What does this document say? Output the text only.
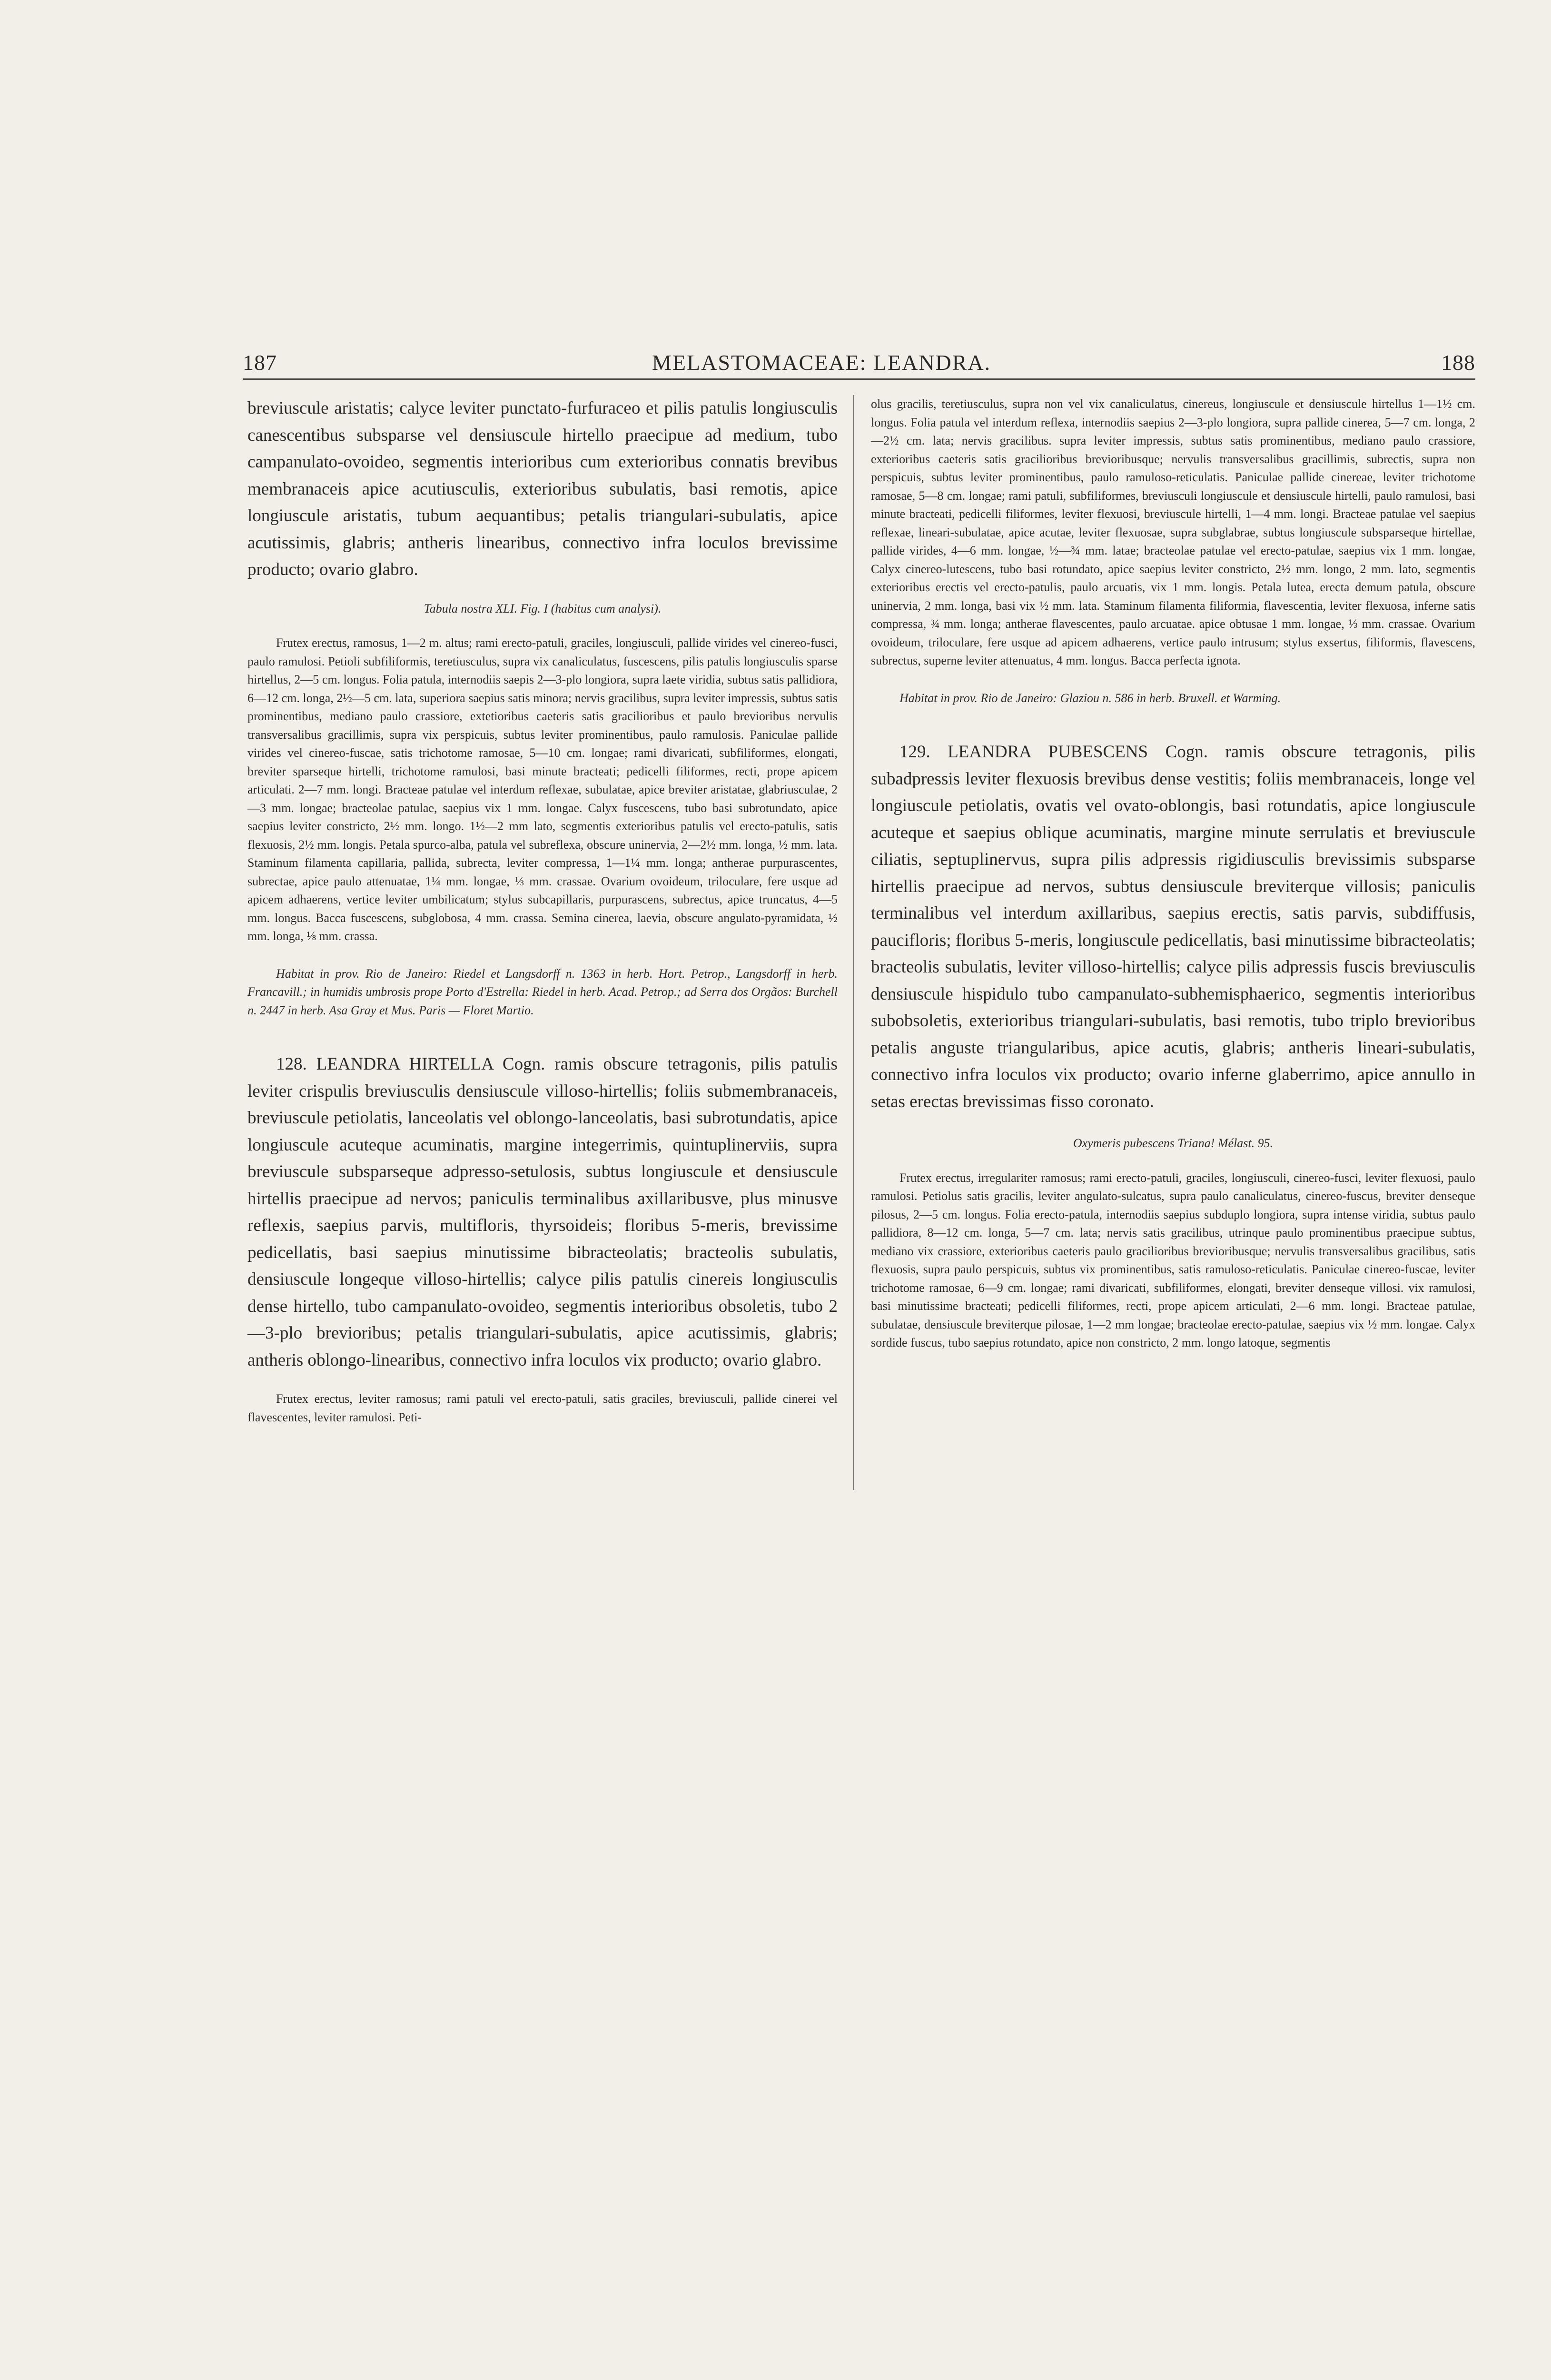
187	MELASTOMACEAE: LEANDRA.	188

breviuscule aristatis; calyce leviter punctato-furfuraceo et pilis patulis longiusculis canescentibus subsparse vel densiuscule hirtello praecipue ad medium, tubo campanulato-ovoideo, segmentis interioribus cum exterioribus connatis brevibus membranaceis apice acutiusculis, exterioribus subulatis, basi remotis, apice longiuscule aristatis, tubum aequantibus; petalis triangulari-subulatis, apice acutissimis, glabris; antheris linearibus, connectivo infra loculos brevissime producto; ovario glabro.

Tabula nostra XLI. Fig. I (habitus cum analysi).

Frutex erectus, ramosus, 1—2 m. altus; rami erecto-patuli, graciles, longiusculi, pallide virides vel cinereo-fusci, paulo ramulosi. Petioli subfiliformis, teretiusculus, supra vix canaliculatus, fuscescens, pilis patulis longiusculis sparse hirtellus, 2—5 cm. longus. Folia patula, internodiis saepis 2—3-plo longiora, supra laete viridia, subtus satis pallidiora, 6—12 cm. longa, 2½—5 cm. lata, superiora saepius satis minora; nervis gracilibus, supra leviter impressis, subtus satis prominentibus, mediano paulo crassiore, extetioribus caeteris satis gracilioribus et paulo brevioribus nervulis transversalibus gracillimis, supra vix perspicuis, subtus leviter prominentibus, paulo ramulosis. Paniculae pallide virides vel cinereo-fuscae, satis trichotome ramosae, 5—10 cm. longae; rami divaricati, subfiliformes, elongati, breviter sparseque hirtelli, trichotome ramulosi, basi minute bracteati; pedicelli filiformes, recti, prope apicem articulati. 2—7 mm. longi. Bracteae patulae vel interdum reflexae, subulatae, apice breviter aristatae, glabriusculae, 2—3 mm. longae; bracteolae patulae, saepius vix 1 mm. longae. Calyx fuscescens, tubo basi subrotundato, apice saepius leviter constricto, 2½ mm. longo. 1½—2 mm lato, segmentis exterioribus patulis vel erecto-patulis, satis flexuosis, 2½ mm. longis. Petala spurco-alba, patula vel subreflexa, obscure uninervia, 2—2½ mm. longa, ½ mm. lata. Staminum filamenta capillaria, pallida, subrecta, leviter compressa, 1—1¼ mm. longa; antherae purpurascentes, subrectae, apice paulo attenuatae, 1¼ mm. longae, ⅓ mm. crassae. Ovarium ovoideum, triloculare, fere usque ad apicem adhaerens, vertice leviter umbilicatum; stylus subcapillaris, purpurascens, subrectus, apice truncatus, 4—5 mm. longus. Bacca fuscescens, subglobosa, 4 mm. crassa. Semina cinerea, laevia, obscure angulato-pyramidata, ½ mm. longa, ⅛ mm. crassa.

Habitat in prov. Rio de Janeiro: Riedel et Langsdorff n. 1363 in herb. Hort. Petrop., Langsdorff in herb. Francavill.; in humidis umbrosis prope Porto d'Estrella: Riedel in herb. Acad. Petrop.; ad Serra dos Orgãos: Burchell n. 2447 in herb. Asa Gray et Mus. Paris — Floret Martio.

128. LEANDRA HIRTELLA Cogn. ramis obscure tetragonis, pilis patulis leviter crispulis breviusculis densiuscule villoso-hirtellis; foliis submembranaceis, breviuscule petiolatis, lanceolatis vel oblongo-lanceolatis, basi subrotundatis, apice longiuscule acuteque acuminatis, margine integerrimis, quintuplinerviis, supra breviuscule subsparseque adpresso-setulosis, subtus longiuscule et densiuscule hirtellis praecipue ad nervos; paniculis terminalibus axillaribusve, plus minusve reflexis, saepius parvis, multifloris, thyrsoideis; floribus 5-meris, brevissime pedicellatis, basi saepius minutissime bibracteolatis; bracteolis subulatis, densiuscule longeque villoso-hirtellis; calyce pilis patulis cinereis longiusculis dense hirtello, tubo campanulato-ovoideo, segmentis interioribus obsoletis, tubo 2—3-plo brevioribus; petalis triangulari-subulatis, apice acutissimis, glabris; antheris oblongo-linearibus, connectivo infra loculos vix producto; ovario glabro.

Frutex erectus, leviter ramosus; rami patuli vel erecto-patuli, satis graciles, breviusculi, pallide cinerei vel flavescentes, leviter ramulosi. Peti-

olus gracilis, teretiusculus, supra non vel vix canaliculatus, cinereus, longiuscule et densiuscule hirtellus 1—1½ cm. longus. Folia patula vel interdum reflexa, internodiis saepius 2—3-plo longiora, supra pallide cinerea, 5—7 cm. longa, 2—2½ cm. lata; nervis gracilibus. supra leviter impressis, subtus satis prominentibus, mediano paulo crassiore, exterioribus caeteris satis gracilioribus brevioribusque; nervulis transversalibus gracillimis, subrectis, supra non perspicuis, subtus leviter prominentibus, paulo ramuloso-reticulatis. Paniculae pallide cinereae, leviter trichotome ramosae, 5—8 cm. longae; rami patuli, subfiliformes, breviusculi longiuscule et densiuscule hirtelli, paulo ramulosi, basi minute bracteati, pedicelli filiformes, leviter flexuosi, breviuscule hirtelli, 1—4 mm. longi. Bracteae patulae vel saepius reflexae, lineari-subulatae, apice acutae, leviter flexuosae, supra subglabrae, subtus longiuscule subsparseque hirtellae, pallide virides, 4—6 mm. longae, ½—¾ mm. latae; bracteolae patulae vel erecto-patulae, saepius vix 1 mm. longae, Calyx cinereo-lutescens, tubo basi rotundato, apice saepius leviter constricto, 2½ mm. longo, 2 mm. lato, segmentis exterioribus erectis vel erecto-patulis, paulo arcuatis, vix 1 mm. longis. Petala lutea, erecta demum patula, obscure uninervia, 2 mm. longa, basi vix ½ mm. lata. Staminum filamenta filiformia, flavescentia, leviter flexuosa, inferne satis compressa, ¾ mm. longa; antherae flavescentes, paulo arcuatae. apice obtusae 1 mm. longae, ⅓ mm. crassae. Ovarium ovoideum, triloculare, fere usque ad apicem adhaerens, vertice paulo intrusum; stylus exsertus, filiformis, flavescens, subrectus, superne leviter attenuatus, 4 mm. longus. Bacca perfecta ignota.

Habitat in prov. Rio de Janeiro: Glaziou n. 586 in herb. Bruxell. et Warming.

129. LEANDRA PUBESCENS Cogn. ramis obscure tetragonis, pilis subadpressis leviter flexuosis brevibus dense vestitis; foliis membranaceis, longe vel longiuscule petiolatis, ovatis vel ovato-oblongis, basi rotundatis, apice longiuscule acuteque et saepius oblique acuminatis, margine minute serrulatis et breviuscule ciliatis, septuplinervus, supra pilis adpressis rigidiusculis brevissimis subsparse hirtellis praecipue ad nervos, subtus densiuscule breviterque villosis; paniculis terminalibus vel interdum axillaribus, saepius erectis, satis parvis, subdiffusis, paucifloris; floribus 5-meris, longiuscule pedicellatis, basi minutissime bibracteolatis; bracteolis subulatis, leviter villoso-hirtellis; calyce pilis adpressis fuscis breviusculis densiuscule hispidulo tubo campanulato-subhemisphaerico, segmentis interioribus subobsoletis, exterioribus triangulari-subulatis, basi remotis, tubo triplo brevioribus petalis anguste triangularibus, apice acutis, glabris; antheris lineari-subulatis, connectivo infra loculos vix producto; ovario inferne glaberrimo, apice annullo in setas erectas brevissimas fisso coronato.

Oxymeris pubescens Triana! Mélast. 95.

Frutex erectus, irregulariter ramosus; rami erecto-patuli, graciles, longiusculi, cinereo-fusci, leviter flexuosi, paulo ramulosi. Petiolus satis gracilis, leviter angulato-sulcatus, supra paulo canaliculatus, cinereo-fuscus, breviter denseque pilosus, 2—5 cm. longus. Folia erecto-patula, internodiis saepius subduplo longiora, supra intense viridia, subtus paulo pallidiora, 8—12 cm. longa, 5—7 cm. lata; nervis satis gracilibus, utrinque paulo prominentibus praecipue subtus, mediano vix crassiore, exterioribus caeteris paulo gracilioribus brevioribusque; nervulis transversalibus gracilibus, satis flexuosis, supra paulo perspicuis, subtus vix prominentibus, satis ramuloso-reticulatis. Paniculae cinereo-fuscae, leviter trichotome ramosae, 6—9 cm. longae; rami divaricati, subfiliformes, elongati, breviter denseque villosi. vix ramulosi, basi minutissime bracteati; pedicelli filiformes, recti, prope apicem articulati, 2—6 mm. longi. Bracteae patulae, subulatae, densiuscule breviterque pilosae, 1—2 mm longae; bracteolae erecto-patulae, saepius vix ½ mm. longae. Calyx sordide fuscus, tubo saepius rotundato, apice non constricto, 2 mm. longo latoque, segmentis
